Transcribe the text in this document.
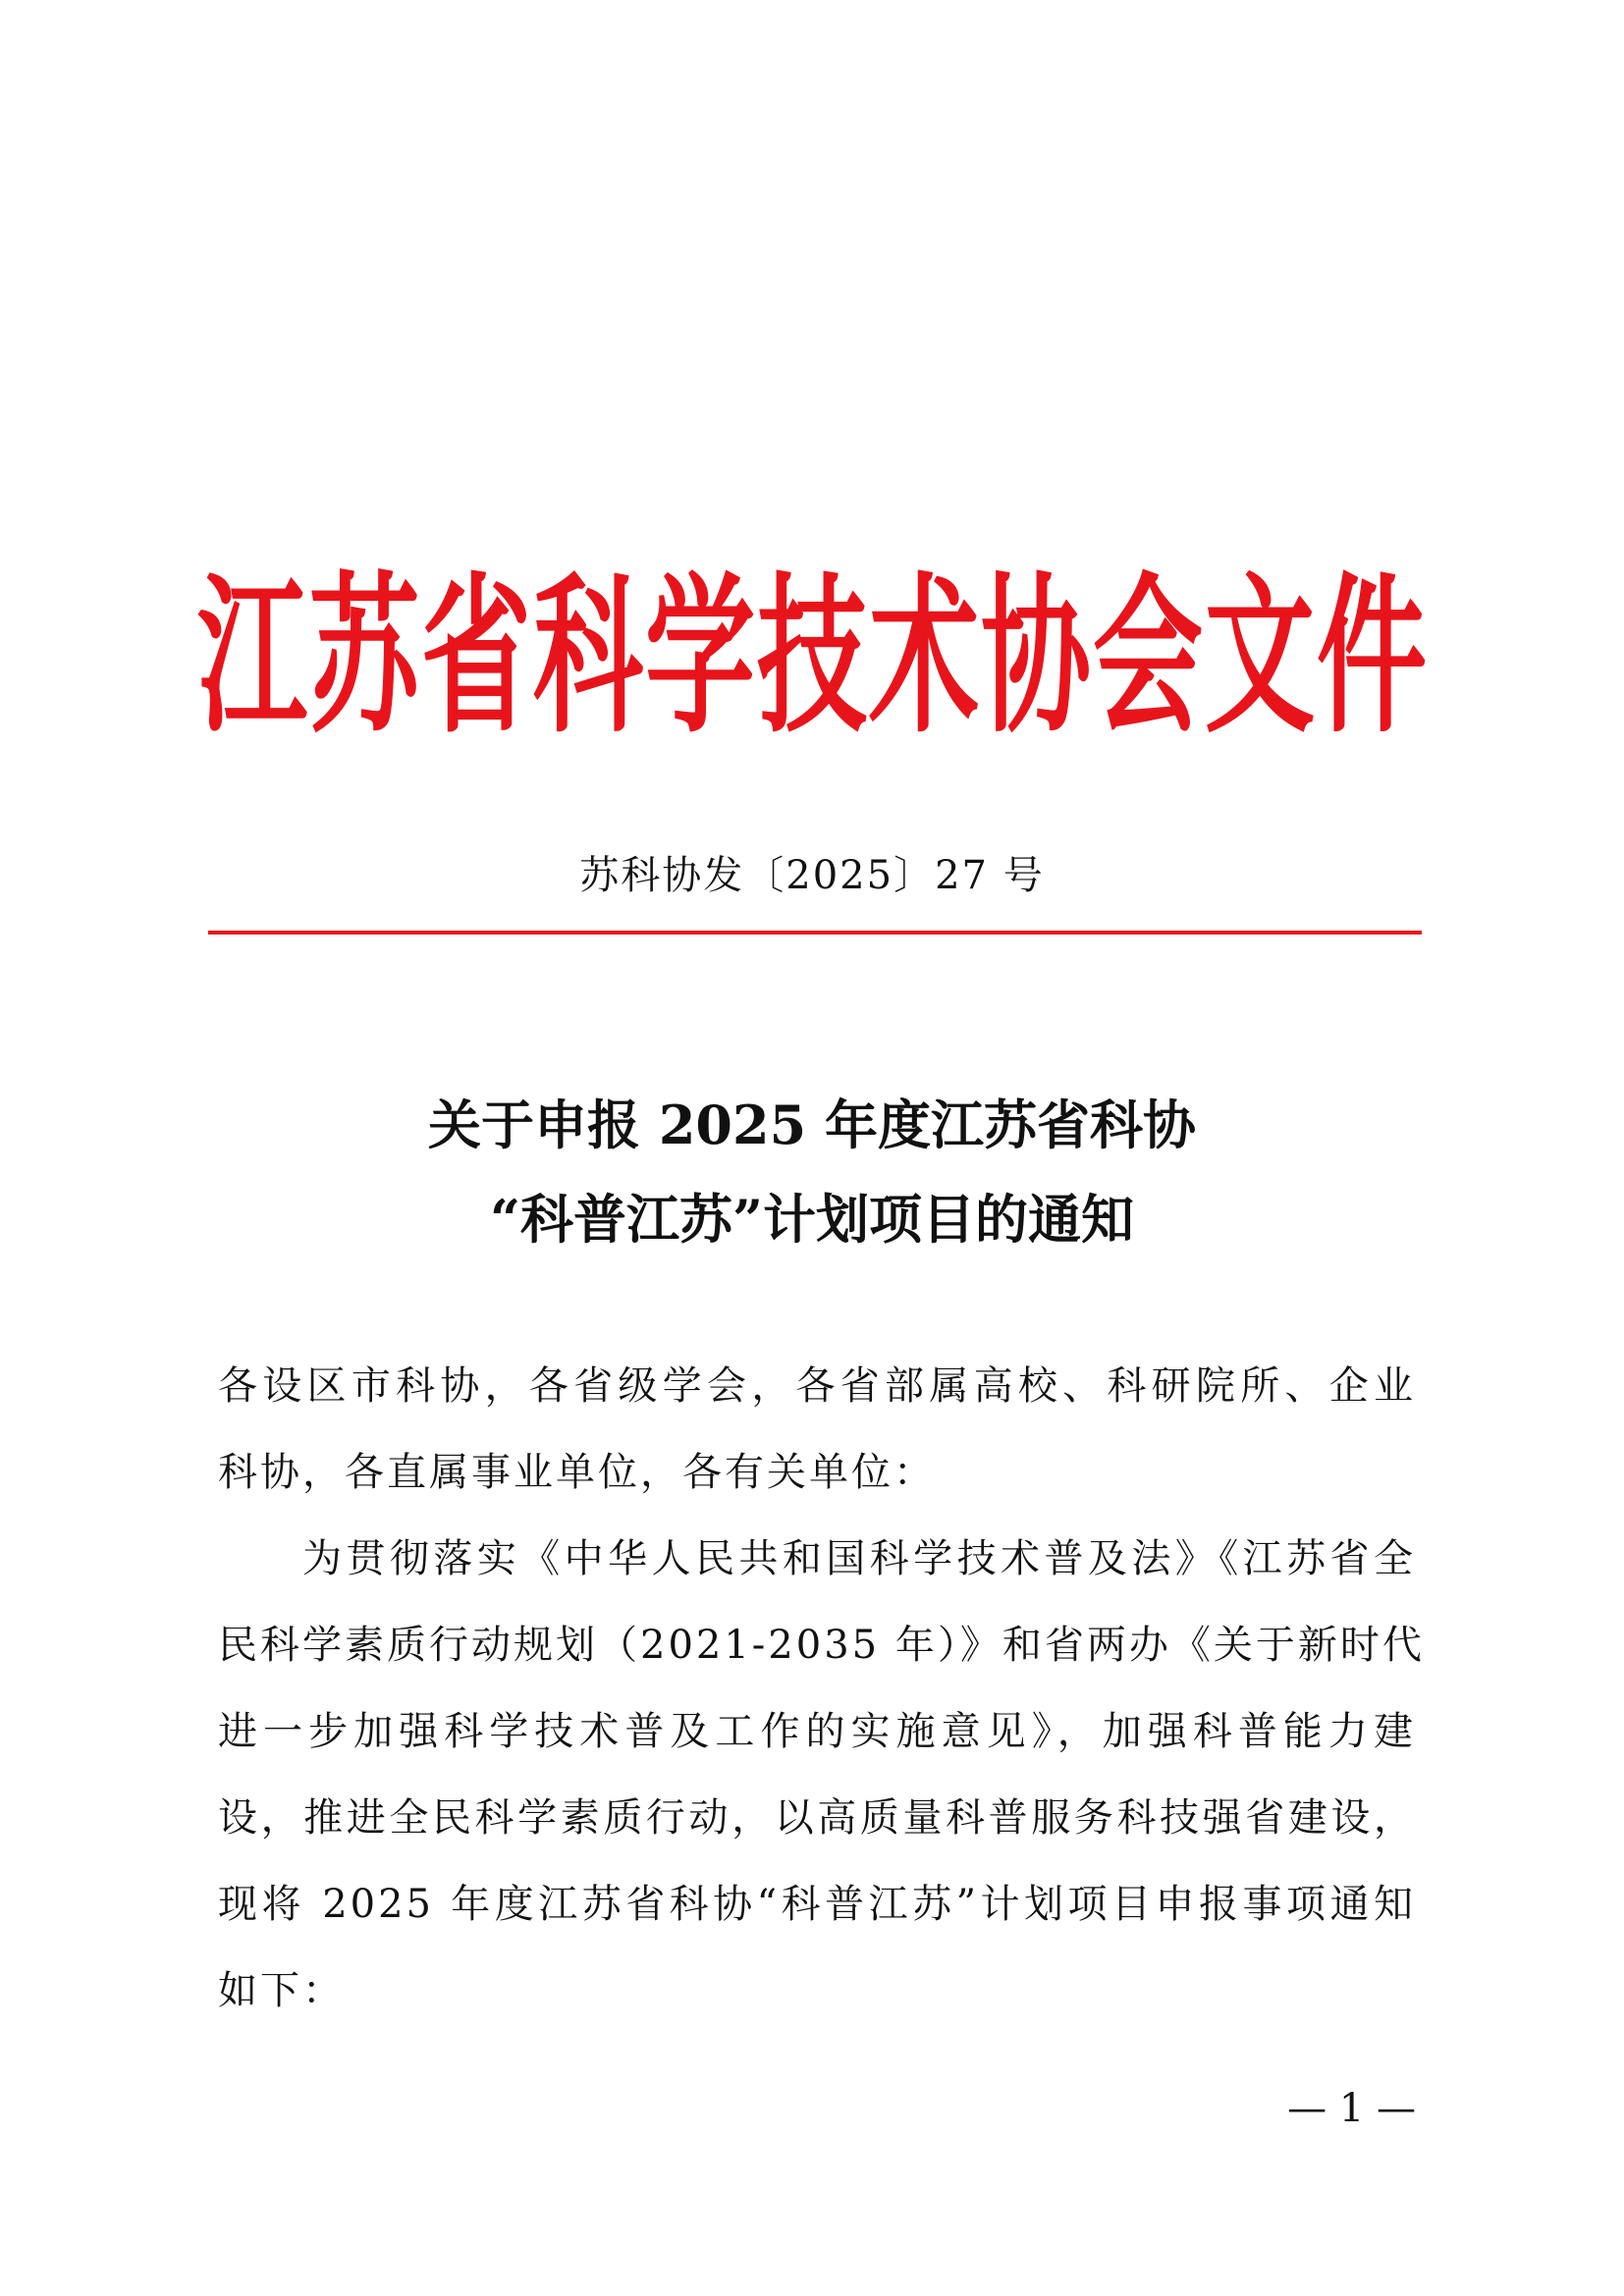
江 苏 省 科 学 技 术 协 会 文 件
苏科协发〔2025〕27 号
关于申报 2025 年度江苏省科协
“科普江苏”计划项目的通知
各设区市科协，各省级学会，各省部属高校、科研院所、企业
科协，各直属事业单位，各有关单位：
为贯彻落实《中华人民共和国科学技术普及法》《江苏省全
民科学素质行动规划（2021-2035 年）》和省两办《关于新时代
进一步加强科学技术普及工作的实施意见》，加强科普能力建
设，推进全民科学素质行动，以高质量科普服务科技强省建设，
现将 2025 年度江苏省科协“科普江苏”计划项目申报事项通知
如下：
— 1 —
